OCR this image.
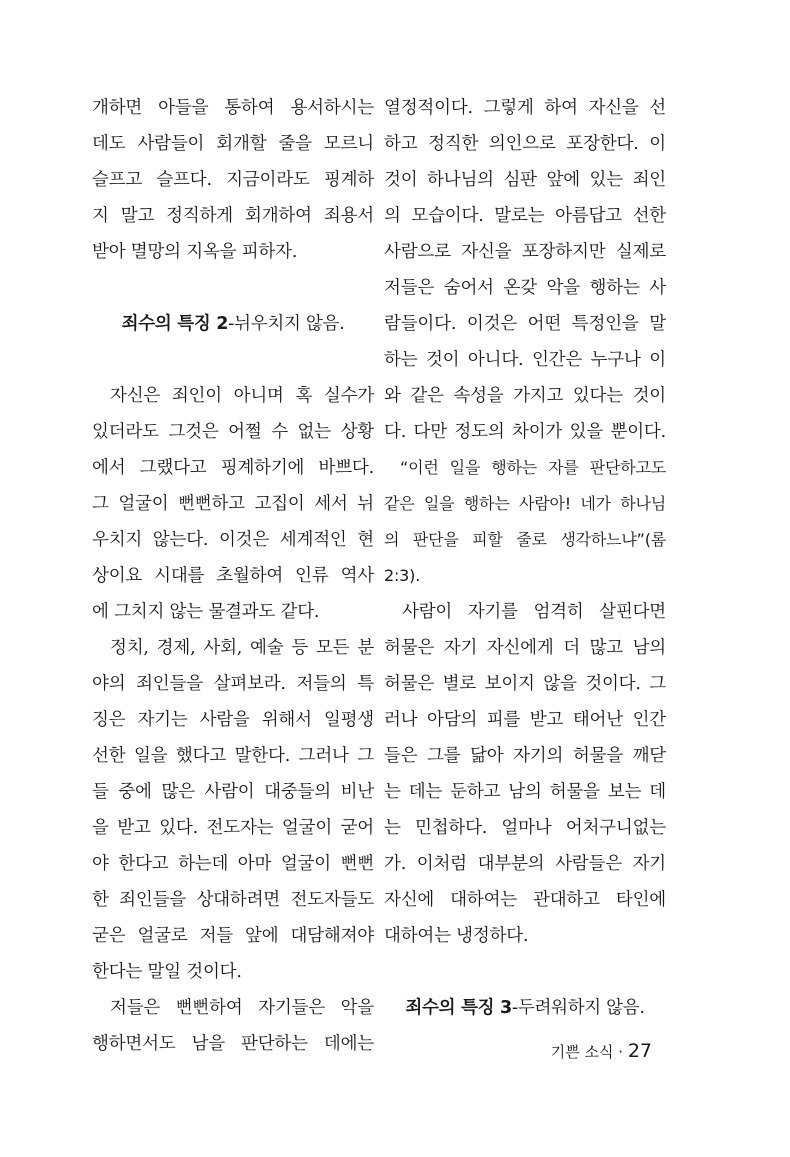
개하면 아들을 통하여 용서하시는
데도 사람들이 회개할 줄을 모르니
슬프고 슬프다. 지금이라도 핑계하
지 말고 정직하게 회개하여 죄용서
받아 멸망의 지옥을 피하자.
죄수의 특징 2-뉘우치지 않음.
자신은 죄인이 아니며 혹 실수가
있더라도 그것은 어쩔 수 없는 상황
에서 그랬다고 핑계하기에 바쁘다.
그 얼굴이 뻔뻔하고 고집이 세서 뉘
우치지 않는다. 이것은 세계적인 현
상이요 시대를 초월하여 인류 역사
에 그치지 않는 물결과도 같다.
정치, 경제, 사회, 예술 등 모든 분
야의 죄인들을 살펴보라. 저들의 특
징은 자기는 사람을 위해서 일평생
선한 일을 했다고 말한다. 그러나 그
들 중에 많은 사람이 대중들의 비난
을 받고 있다. 전도자는 얼굴이 굳어
야 한다고 하는데 아마 얼굴이 뻔뻔
한 죄인들을 상대하려면 전도자들도
굳은 얼굴로 저들 앞에 대담해져야
한다는 말일 것이다.
저들은 뻔뻔하여 자기들은 악을
행하면서도 남을 판단하는 데에는
열정적이다. 그렇게 하여 자신을 선
하고 정직한 의인으로 포장한다. 이
것이 하나님의 심판 앞에 있는 죄인
의 모습이다. 말로는 아름답고 선한
사람으로 자신을 포장하지만 실제로
저들은 숨어서 온갖 악을 행하는 사
람들이다. 이것은 어떤 특정인을 말
하는 것이 아니다. 인간은 누구나 이
와 같은 속성을 가지고 있다는 것이
다. 다만 정도의 차이가 있을 뿐이다.
“이런 일을 행하는 자를 판단하고도
같은 일을 행하는 사람아! 네가 하나님
의 판단을 피할 줄로 생각하느냐”(롬
2:3).
사람이 자기를 엄격히 살핀다면
허물은 자기 자신에게 더 많고 남의
허물은 별로 보이지 않을 것이다. 그
러나 아담의 피를 받고 태어난 인간
들은 그를 닮아 자기의 허물을 깨닫
는 데는 둔하고 남의 허물을 보는 데
는 민첩하다. 얼마나 어처구니없는
가. 이처럼 대부분의 사람들은 자기
자신에 대하여는 관대하고 타인에
대하여는 냉정하다.
죄수의 특징 3-두려워하지 않음.
기쁜 소식 · 27
